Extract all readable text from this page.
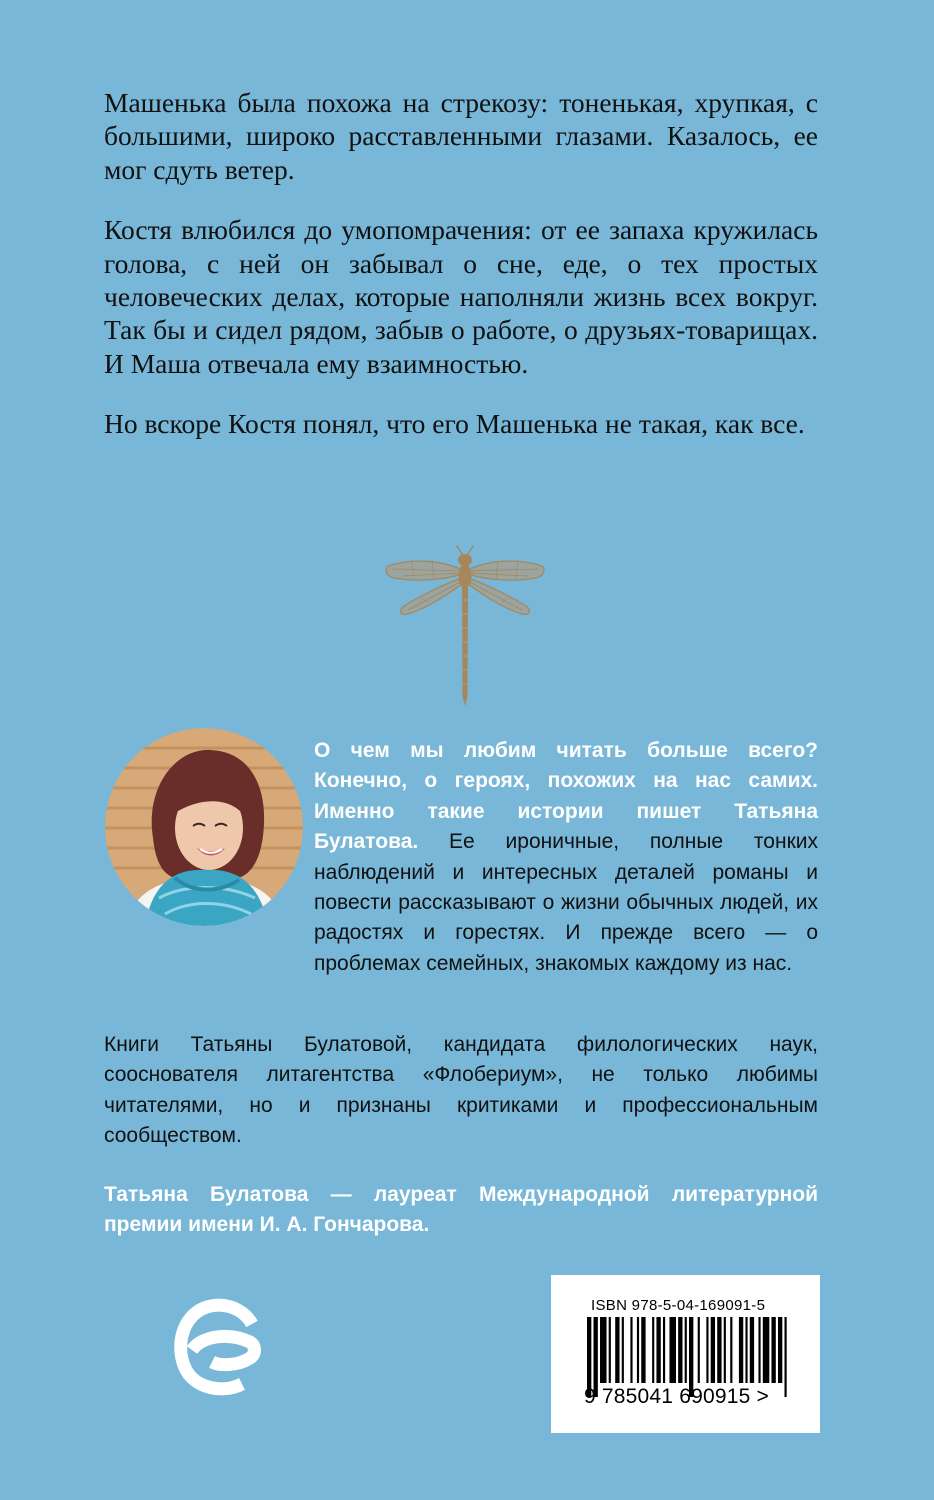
Машенька была похожа на стрекозу: тоненькая, хрупкая, с большими, широко расставленными глазами. Казалось, ее мог сдуть ветер.

Костя влюбился до умопомрачения: от ее запаха кружилась голова, с ней он забывал о сне, еде, о тех простых человеческих делах, которые наполняли жизнь всех вокруг. Так бы и сидел рядом, забыв о работе, о друзьях-товарищах. И Маша отвечала ему взаимностью.

Но вскоре Костя понял, что его Машенька не такая, как все.

О чем мы любим читать больше всего? Конечно, о героях, похожих на нас самих. Именно такие истории пишет Татьяна Булатова. Ее ироничные, полные тонких наблюдений и интересных деталей романы и повести рассказывают о жизни обычных людей, их радостях и горестях. И прежде всего — о проблемах семейных, знакомых каждому из нас.

Книги Татьяны Булатовой, кандидата филологических наук, сооснователя литагентства «Флобериум», не только любимы читателями, но и признаны критиками и профессиональным сообществом.

Татьяна Булатова — лауреат Международной литературной премии имени И. А. Гончарова.

ISBN 978-5-04-169091-5
9 785041 690915 >
